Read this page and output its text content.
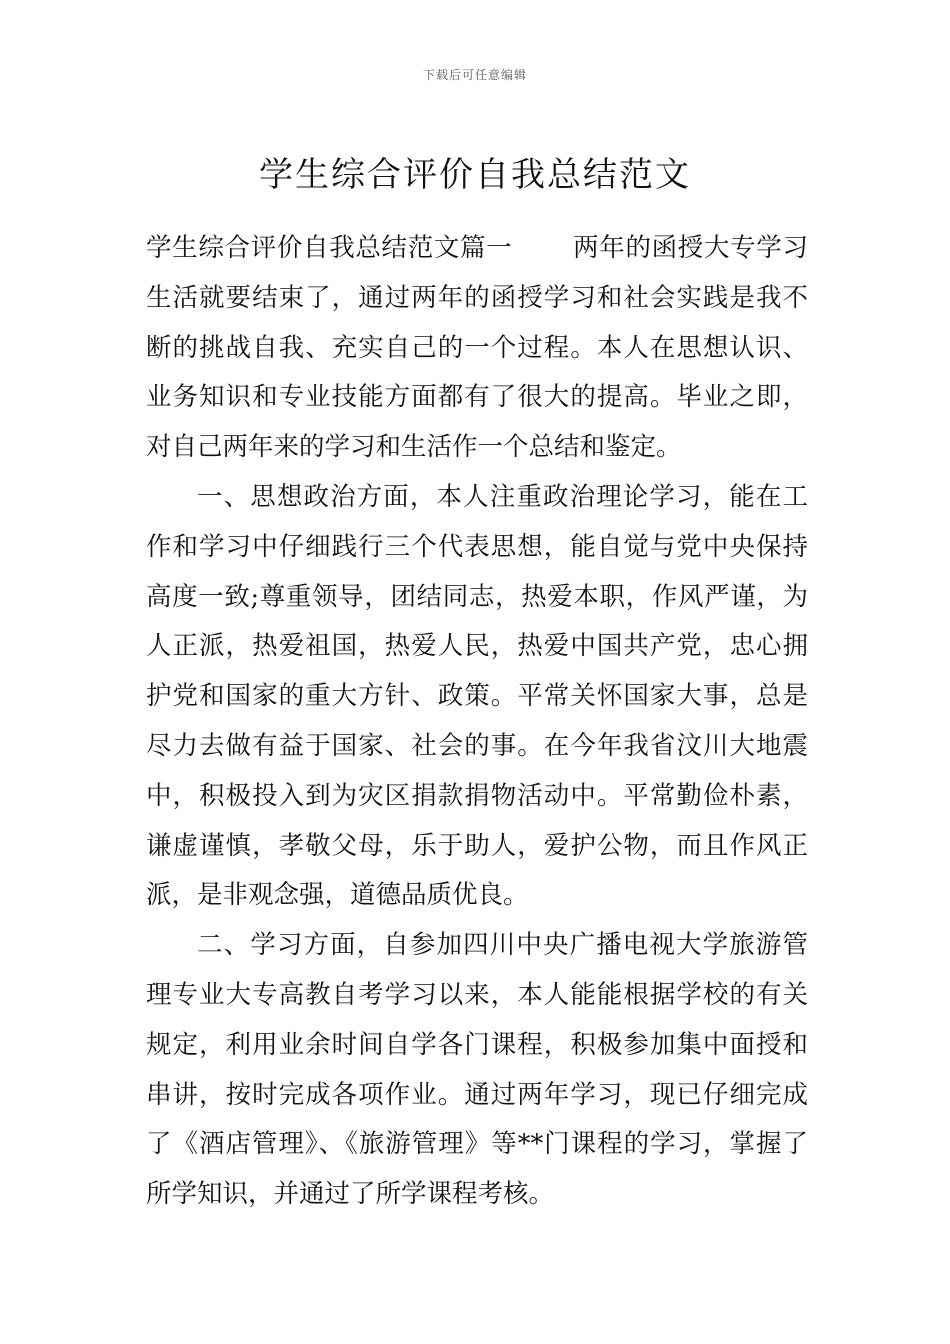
下载后可任意编辑
学生综合评价自我总结范文

学生综合评价自我总结范文篇一 两年的函授大专学习生活就要结束了，通过两年的函授学习和社会实践是我不断的挑战自我、充实自己的一个过程。本人在思想认识、业务知识和专业技能方面都有了很大的提高。毕业之即，对自己两年来的学习和生活作一个总结和鉴定。

一、思想政治方面，本人注重政治理论学习，能在工作和学习中仔细践行三个代表思想，能自觉与党中央保持高度一致;尊重领导，团结同志，热爱本职，作风严谨，为人正派，热爱祖国，热爱人民，热爱中国共产党，忠心拥护党和国家的重大方针、政策。平常关怀国家大事，总是尽力去做有益于国家、社会的事。在今年我省汶川大地震中，积极投入到为灾区捐款捐物活动中。平常勤俭朴素，谦虚谨慎，孝敬父母，乐于助人，爱护公物，而且作风正派，是非观念强，道德品质优良。

二、学习方面，自参加四川中央广播电视大学旅游管理专业大专高教自考学习以来，本人能能根据学校的有关规定，利用业余时间自学各门课程，积极参加集中面授和串讲，按时完成各项作业。通过两年学习，现已仔细完成了《酒店管理》、《旅游管理》等**门课程的学习，掌握了所学知识，并通过了所学课程考核。
